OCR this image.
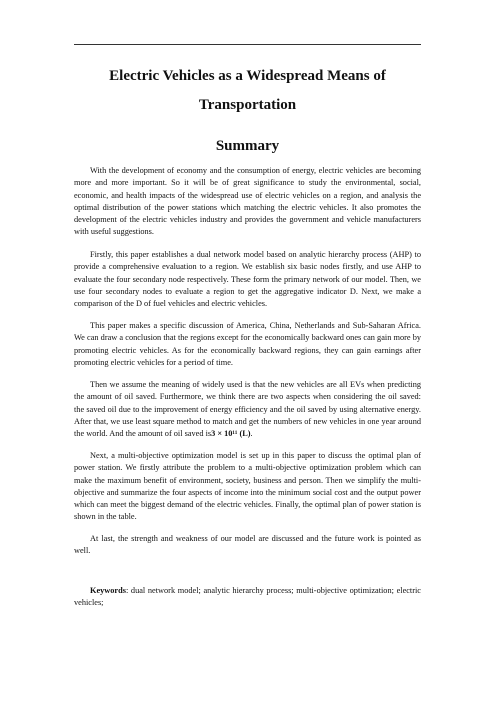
Electric Vehicles as a Widespread Means of
Transportation
Summary

With the development of economy and the consumption of energy, electric vehicles are becoming more and more important. So it will be of great significance to study the environmental, social, economic, and health impacts of the widespread use of electric vehicles on a region, and analysis the optimal distribution of the power stations which matching the electric vehicles. It also promotes the development of the electric vehicles industry and provides the government and vehicle manufacturers with useful suggestions.

Firstly, this paper establishes a dual network model based on analytic hierarchy process (AHP) to provide a comprehensive evaluation to a region. We establish six basic nodes firstly, and use AHP to evaluate the four secondary node respectively. These form the primary network of our model. Then, we use four secondary nodes to evaluate a region to get the aggregative indicator D. Next, we make a comparison of the D of fuel vehicles and electric vehicles.

This paper makes a specific discussion of America, China, Netherlands and Sub-Saharan Africa. We can draw a conclusion that the regions except for the economically backward ones can gain more by promoting electric vehicles. As for the economically backward regions, they can gain earnings after promoting electric vehicles for a period of time.

Then we assume the meaning of widely used is that the new vehicles are all EVs when predicting the amount of oil saved. Furthermore, we think there are two aspects when considering the oil saved: the saved oil due to the improvement of energy efficiency and the oil saved by using alternative energy. After that, we use least square method to match and get the numbers of new vehicles in one year around the world. And the amount of oil saved is3 × 10¹¹ (L).

Next, a multi-objective optimization model is set up in this paper to discuss the optimal plan of power station. We firstly attribute the problem to a multi-objective optimization problem which can make the maximum benefit of environment, society, business and person. Then we simplify the multi-objective and summarize the four aspects of income into the minimum social cost and the output power which can meet the biggest demand of the electric vehicles. Finally, the optimal plan of power station is shown in the table.

At last, the strength and weakness of our model are discussed and the future work is pointed as well.

Keywords: dual network model; analytic hierarchy process; multi-objective optimization; electric vehicles;
